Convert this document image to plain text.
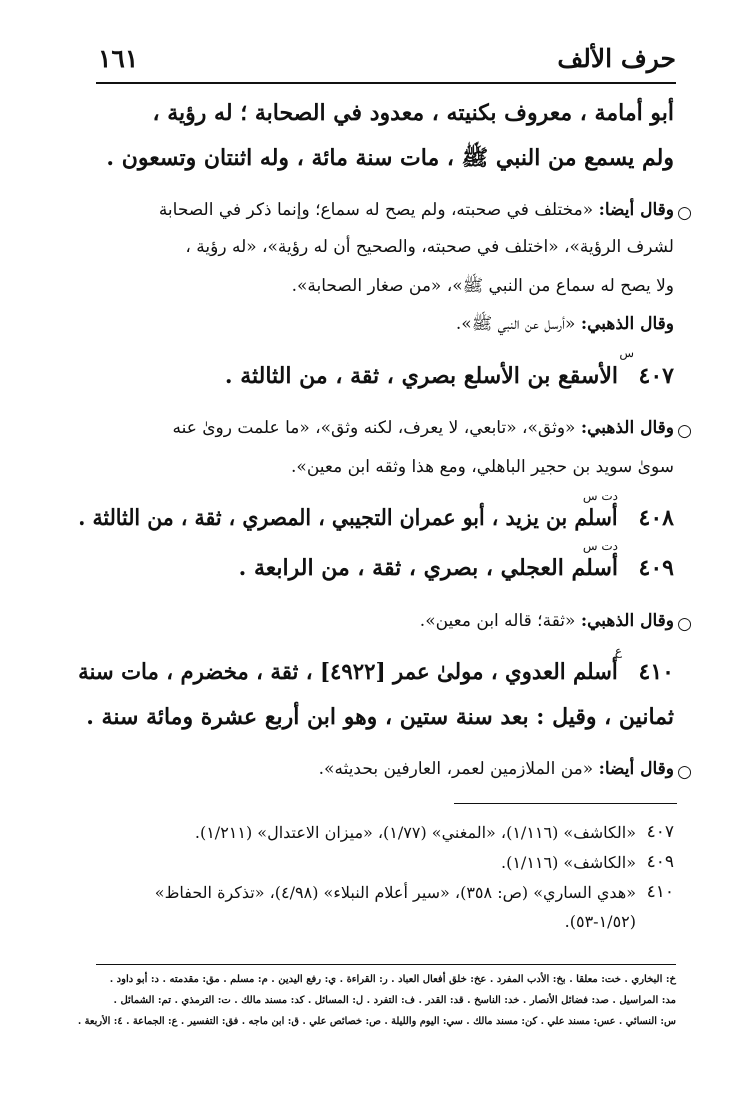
حرف الألف
١٦١
أبو أمامة ، معروف بكنيته ، معدود في الصحابة ؛ له رؤية ،
ولم يسمع من النبي ﷺ ، مات سنة مائة ، وله اثنتان وتسعون .
○
وقال أيضا: «مختلف في صحبته، ولم يصح له سماع؛ وإنما ذكر في الصحابة
لشرف الرؤية»، «اختلف في صحبته، والصحيح أن له رؤية»، «له رؤية ،
ولا يصح له سماع من النبي ﷺ»، «من صغار الصحابة».
وقال الذهبي: «أرسل عن النبي ﷺ».
س
٤٠٧
الأسقع بن الأسلع بصري ، ثقة ، من الثالثة .
○
وقال الذهبي: «وثق»، «تابعي، لا يعرف، لكنه وثق»، «ما علمت روىٰ عنه
سوىٰ سويد بن حجير الباهلي، ومع هذا وثقه ابن معين».
دت س
٤٠٨
أسلم بن يزيد ، أبو عمران التجيبي ، المصري ، ثقة ، من الثالثة .
دت س
٤٠٩
أسلم العجلي ، بصري ، ثقة ، من الرابعة .
○
وقال الذهبي: «ثقة؛ قاله ابن معين».
ع
٤١٠
أسلم العدوي ، مولىٰ عمر [٤٩٢٢] ، ثقة ، مخضرم ، مات سنة
ثمانين ، وقيل : بعد سنة ستين ، وهو ابن أربع عشرة ومائة سنة .
○
وقال أيضا: «من الملازمين لعمر، العارفين بحديثه».
٤٠٧
«الكاشف» (١/١١٦)، «المغني» (١/٧٧)، «ميزان الاعتدال» (١/٢١١).
٤٠٩
«الكاشف» (١/١١٦).
٤١٠
«هدي الساري» (ص: ٣٥٨)، «سير أعلام النبلاء» (٤/٩٨)، «تذكرة الحفاظ»
(١/٥٢-٥٣).
خ: البخاري . خت: معلقا . بخ: الأدب المفرد . عخ: خلق أفعال العباد . ر: القراءة . ي: رفع اليدين . م: مسلم . مق: مقدمته . د: أبو داود .
مد: المراسيل . صد: فضائل الأنصار . خد: الناسخ . قد: القدر . ف: التفرد . ل: المسائل . كد: مسند مالك . ت: الترمذي . تم: الشمائل .
س: النسائي . عس: مسند علي . كن: مسند مالك . سي: اليوم والليلة . ص: خصائص علي . ق: ابن ماجه . فق: التفسير . ع: الجماعة . ٤: الأربعة .
